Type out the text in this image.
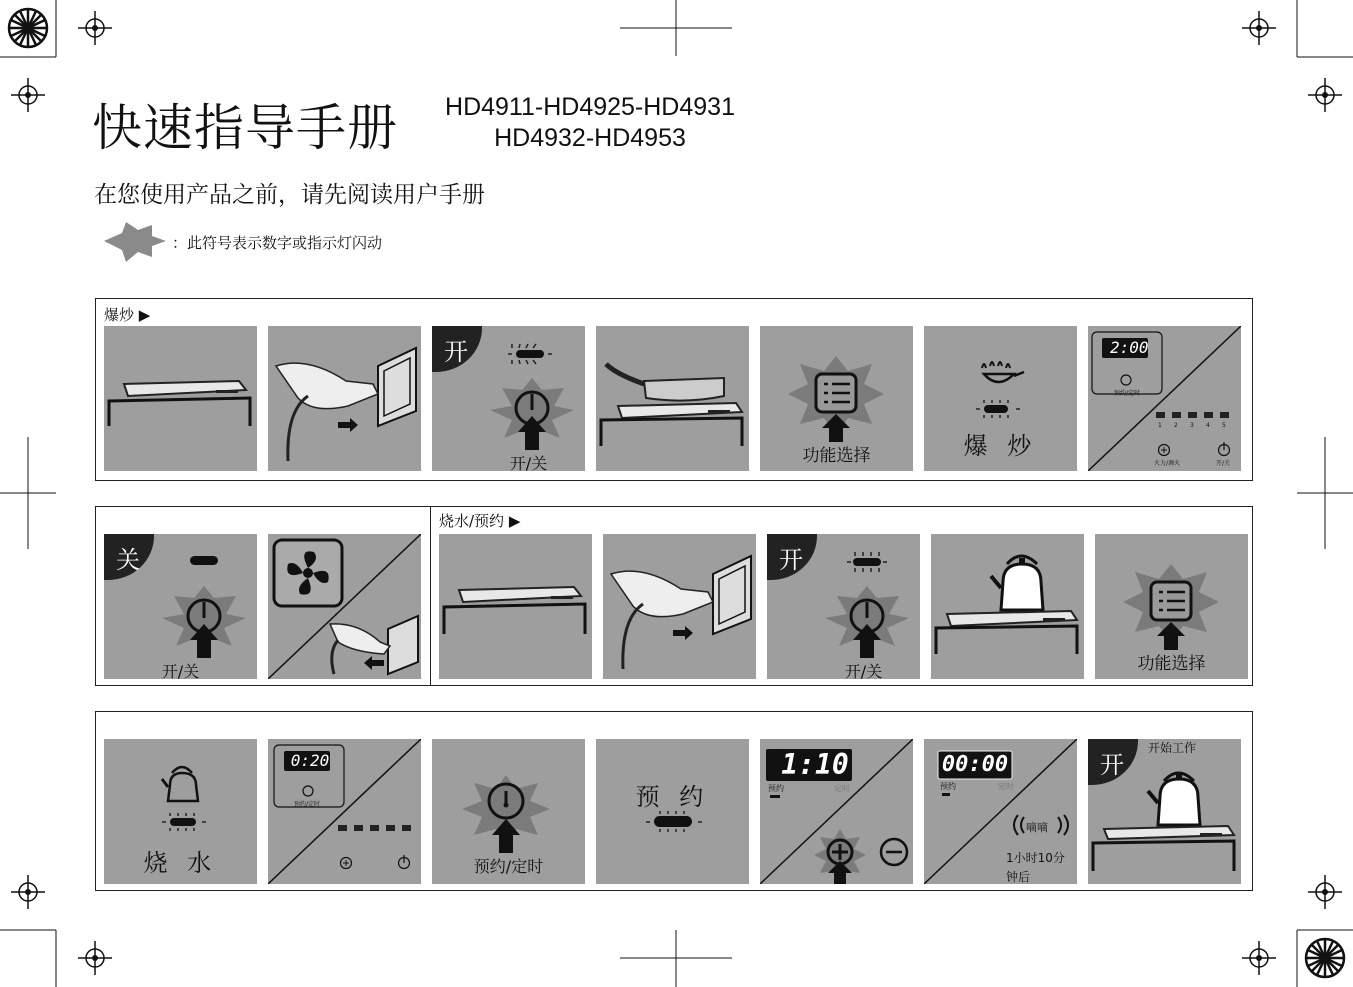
快速指导手册 HD4911-HD4925-HD4931
HD4932-HD4953
在您使用产品之前，请先阅读用户手册
：此符号表示数字或指示灯闪动
爆炒 ▶
开
开/关	功能选择	爆 炒
2:00
预约/定时
火力/调火	开/关
1 2 3 4 5
关
开/关
烧水/预约 ▶
开
开/关	功能选择
烧 水
0:20
预约/定时
预约/定时
预 约
1:10
预约	定时
00:00
预约	定时
嘀嘀
1小时10分
钟后
开
开始工作
